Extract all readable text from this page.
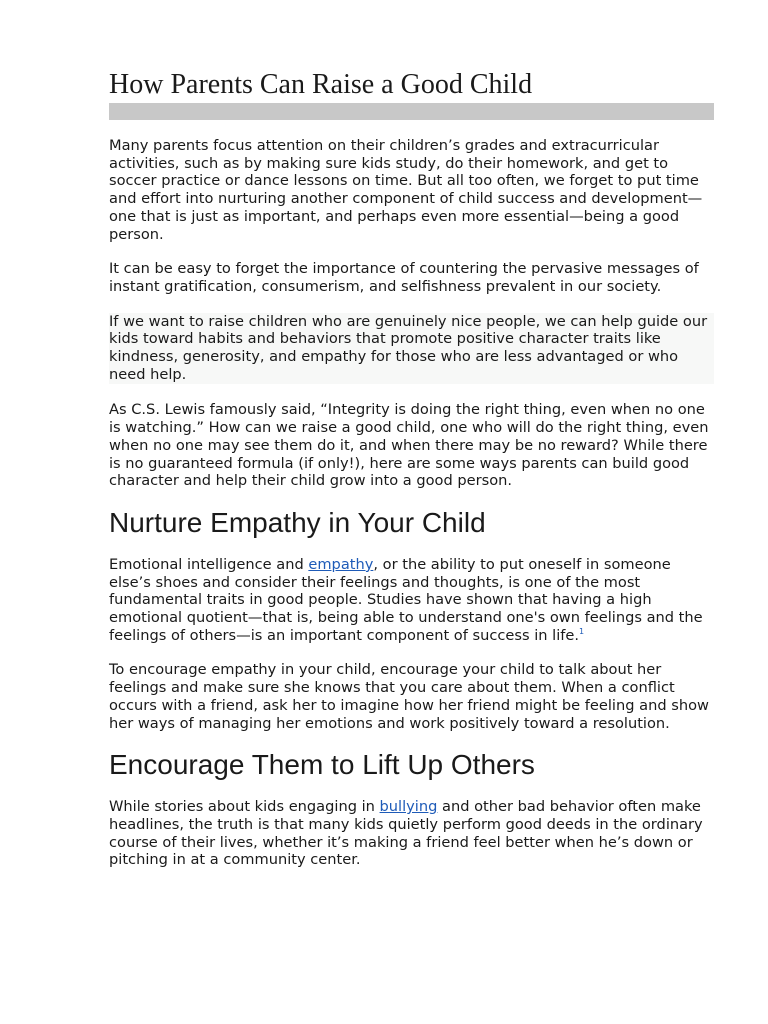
How Parents Can Raise a Good Child

Many parents focus attention on their children’s grades and extracurricular activities, such as by making sure kids study, do their homework, and get to soccer practice or dance lessons on time. But all too often, we forget to put time and effort into nurturing another component of child success and development—one that is just as important, and perhaps even more essential—being a good person.

It can be easy to forget the importance of countering the pervasive messages of instant gratification, consumerism, and selfishness prevalent in our society.

If we want to raise children who are genuinely nice people, we can help guide our kids toward habits and behaviors that promote positive character traits like kindness, generosity, and empathy for those who are less advantaged or who need help.

As C.S. Lewis famously said, “Integrity is doing the right thing, even when no one is watching.” How can we raise a good child, one who will do the right thing, even when no one may see them do it, and when there may be no reward? While there is no guaranteed formula (if only!), here are some ways parents can build good character and help their child grow into a good person.

Nurture Empathy in Your Child

Emotional intelligence and empathy, or the ability to put oneself in someone else’s shoes and consider their feelings and thoughts, is one of the most fundamental traits in good people. Studies have shown that having a high emotional quotient—that is, being able to understand one's own feelings and the feelings of others—is an important component of success in life.$^1$

To encourage empathy in your child, encourage your child to talk about her feelings and make sure she knows that you care about them. When a conflict occurs with a friend, ask her to imagine how her friend might be feeling and show her ways of managing her emotions and work positively toward a resolution.

Encourage Them to Lift Up Others

While stories about kids engaging in bullying and other bad behavior often make headlines, the truth is that many kids quietly perform good deeds in the ordinary course of their lives, whether it’s making a friend feel better when he’s down or pitching in at a community center.
